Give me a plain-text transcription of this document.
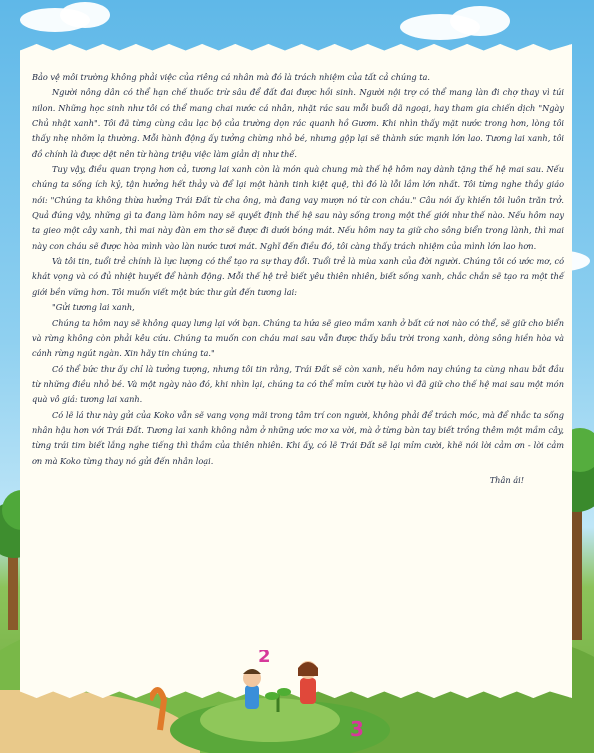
Bảo vệ môi trường không phải việc của riêng cá nhân mà đó là trách nhiệm của tất cả chúng ta.

Người nông dân có thể hạn chế thuốc trừ sâu để đất đai được hồi sinh. Người nội trợ có thể mang làn đi chợ thay vì túi nilon. Những học sinh như tôi có thể mang chai nước cá nhân, nhặt rác sau mỗi buổi dã ngoại, hay tham gia chiến dịch "Ngày Chủ nhật xanh". Tôi đã từng cùng câu lạc bộ của trường dọn rác quanh hồ Gươm. Khi nhìn thấy mặt nước trong hơn, lòng tôi thấy nhẹ nhõm lạ thường. Mỗi hành động ấy tưởng chừng nhỏ bé, nhưng gộp lại sẽ thành sức mạnh lớn lao. Tương lai xanh, tôi đồ chính là được dệt nên từ hàng triệu việc làm giản dị như thế.

Tuy vậy, điều quan trọng hơn cả, tương lai xanh còn là món quà chung mà thế hệ hôm nay dành tặng thế hệ mai sau. Nếu chúng ta sống ích kỷ, tận hưởng hết thảy và để lại một hành tinh kiệt quệ, thì đó là lỗi lầm lớn nhất. Tôi từng nghe thầy giáo nói: "Chúng ta không thừa hưởng Trái Đất từ cha ông, mà đang vay mượn nó từ con cháu." Câu nói ấy khiến tôi luôn trăn trở. Quả đúng vậy, những gì ta đang làm hôm nay sẽ quyết định thế hệ sau này sống trong một thế giới như thế nào. Nếu hôm nay ta gieo một cây xanh, thì mai này đàn em thơ sẽ được đi dưới bóng mát. Nếu hôm nay ta giữ cho sông biển trong lành, thì mai này con cháu sẽ được hòa mình vào làn nước tươi mát. Nghĩ đến điều đó, tôi càng thấy trách nhiệm của mình lớn lao hơn.

Và tôi tin, tuổi trẻ chính là lực lượng có thể tạo ra sự thay đổi. Tuổi trẻ là mùa xanh của đời người. Chúng tôi có ước mơ, có khát vọng và có đủ nhiệt huyết để hành động. Mỗi thế hệ trẻ biết yêu thiên nhiên, biết sống xanh, chắc chắn sẽ tạo ra một thế giới bền vững hơn. Tôi muốn viết một bức thư gửi đến tương lai:

"Gửi tương lai xanh,

Chúng ta hôm nay sẽ không quay lưng lại với bạn. Chúng ta hứa sẽ gieo mầm xanh ở bất cứ nơi nào có thể, sẽ giữ cho biển và rừng không còn phải kêu cứu. Chúng ta muốn con cháu mai sau vẫn được thấy bầu trời trong xanh, dòng sông hiền hòa và cánh rừng ngút ngàn. Xin hãy tin chúng ta."

Có thể bức thư ấy chỉ là tưởng tượng, nhưng tôi tin rằng, Trái Đất sẽ còn xanh, nếu hôm nay chúng ta cùng nhau bắt đầu từ những điều nhỏ bé. Và một ngày nào đó, khi nhìn lại, chúng ta có thể mỉm cười tự hào vì đã giữ cho thế hệ mai sau một món quà vô giá: tương lai xanh.

Có lẽ lá thư này gửi của Koko vẫn sẽ vang vọng mãi trong tâm trí con người, không phải để trách móc, mà để nhắc ta sống nhân hậu hơn với Trái Đất. Tương lai xanh không nằm ở những ước mơ xa vời, mà ở từng bàn tay biết trồng thêm một mầm cây, từng trái tim biết lắng nghe tiếng thì thầm của thiên nhiên. Khi ấy, có lẽ Trái Đất sẽ lại mỉm cười, khẽ nói lời cảm ơn - lời cảm ơn mà Koko từng thay nó gửi đến nhân loại.

Thân ái!

2
3
